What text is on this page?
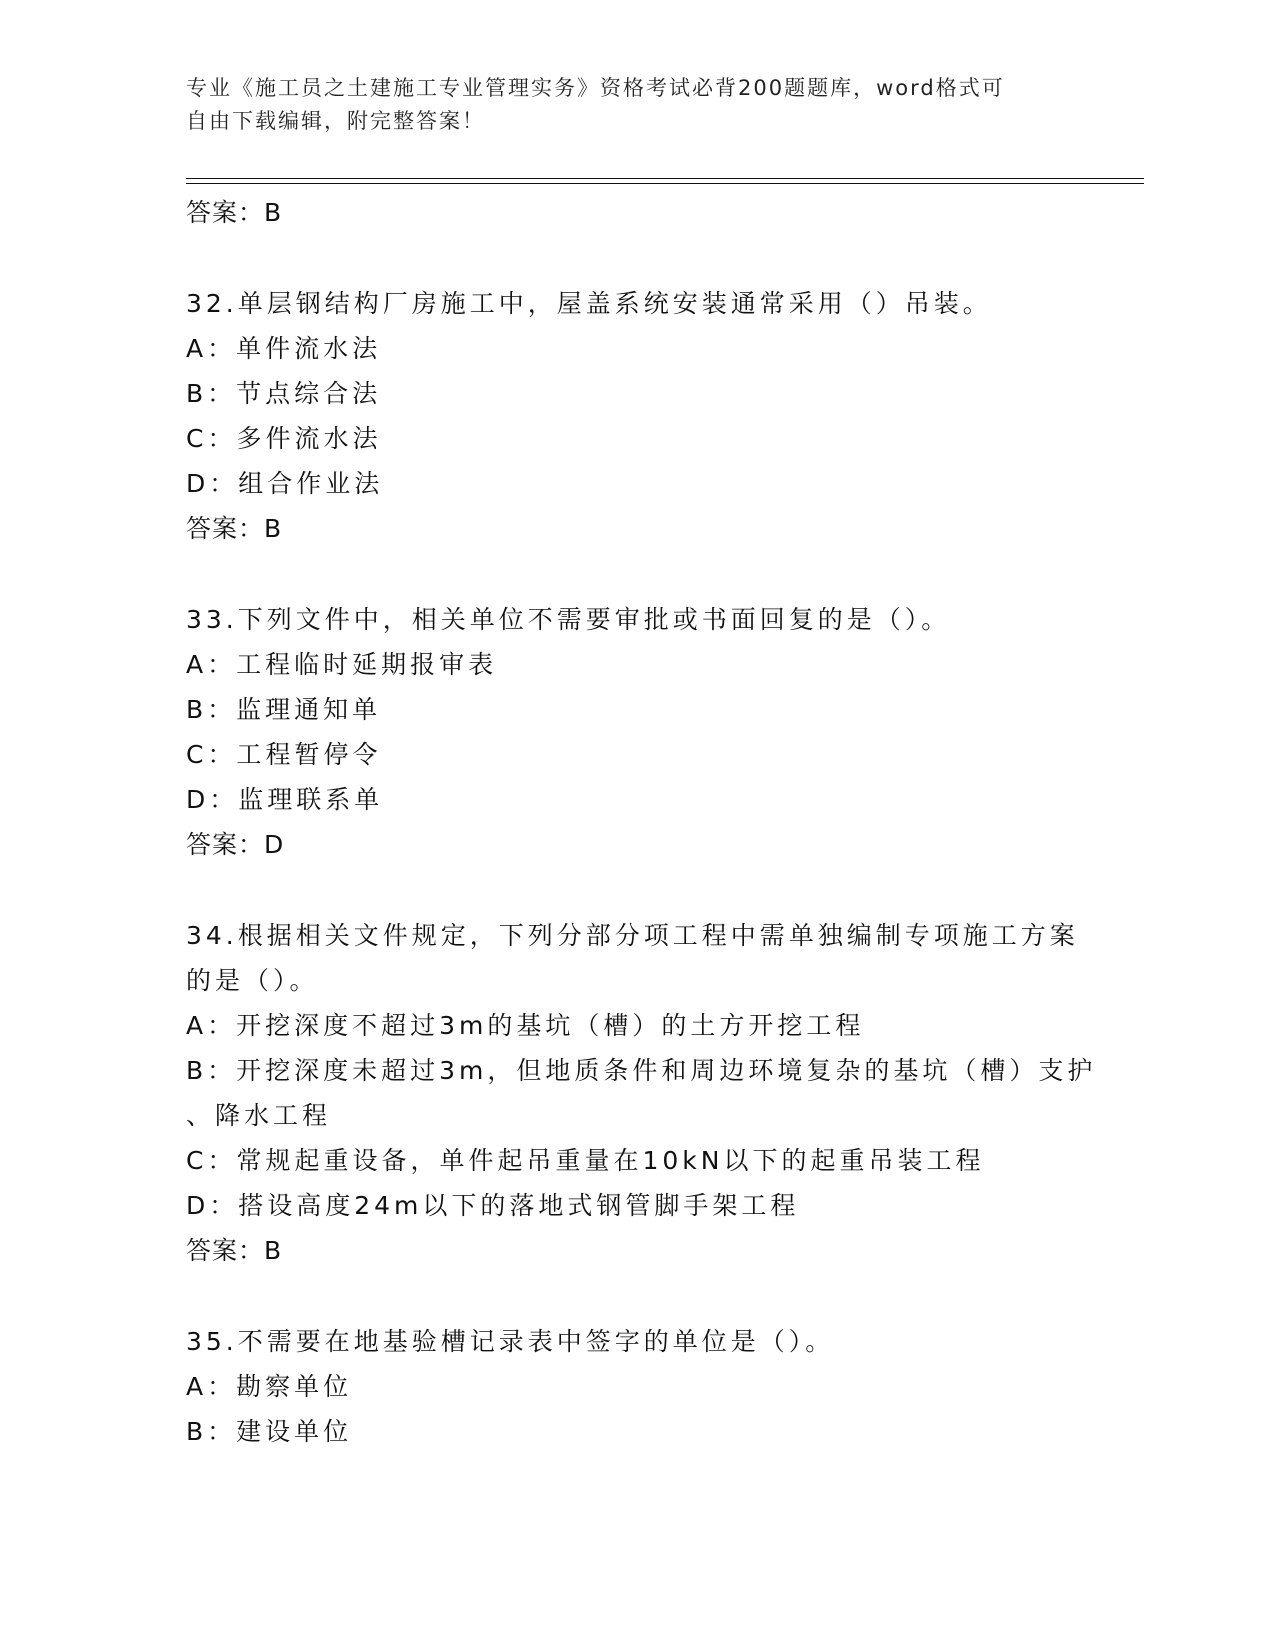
专业《施工员之土建施工专业管理实务》资格考试必背200题题库，word格式可
自由下载编辑，附完整答案！
答案：B
32.单层钢结构厂房施工中，屋盖系统安装通常采用（）吊装。
A：单件流水法
B：节点综合法
C：多件流水法
D：组合作业法
答案：B
33.下列文件中，相关单位不需要审批或书面回复的是（）。
A：工程临时延期报审表
B：监理通知单
C：工程暂停令
D：监理联系单
答案：D
34.根据相关文件规定，下列分部分项工程中需单独编制专项施工方案
的是（）。
A：开挖深度不超过3m的基坑（槽）的土方开挖工程
B：开挖深度未超过3m，但地质条件和周边环境复杂的基坑（槽）支护
、降水工程
C：常规起重设备，单件起吊重量在10kN以下的起重吊装工程
D：搭设高度24m以下的落地式钢管脚手架工程
答案：B
35.不需要在地基验槽记录表中签字的单位是（）。
A：勘察单位
B：建设单位
